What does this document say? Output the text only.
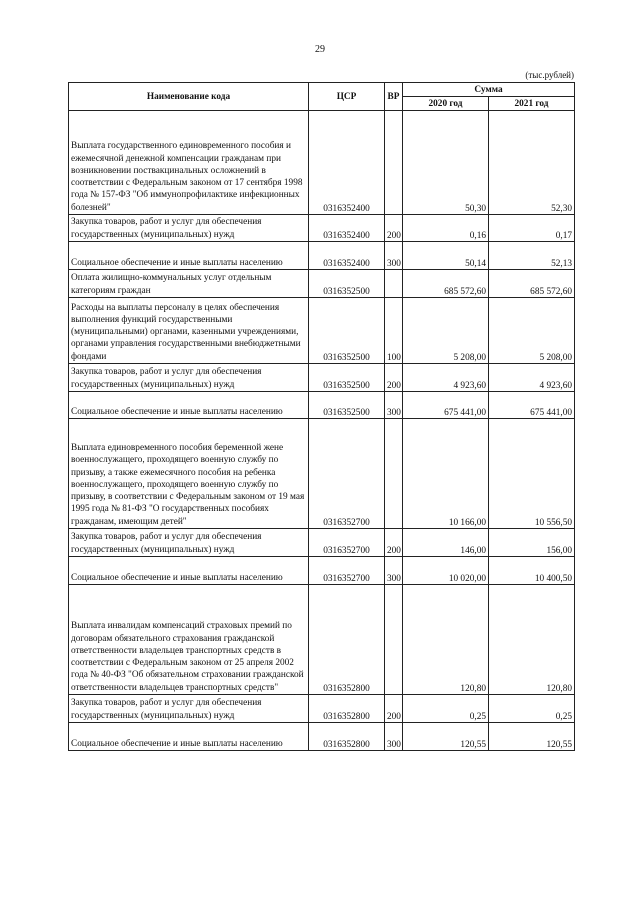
29
(тыс.рублей)
Наименование кода	ЦСР	ВР	Сумма	
			2020 год	2021 год
Выплата государственного единовременного пособия и ежемесячной денежной компенсации гражданам при возникновении поствакцинальных осложнений в соответствии с Федеральным законом от 17 сентября 1998 года № 157-ФЗ "Об иммунопрофилактике инфекционных болезней"	0316352400		50,30	52,30
Закупка товаров, работ и услуг для обеспечения государственных (муниципальных) нужд	0316352400	200	0,16	0,17
Социальное обеспечение и иные выплаты населению	0316352400	300	50,14	52,13
Оплата жилищно-коммунальных услуг отдельным категориям граждан	0316352500		685 572,60	685 572,60
Расходы на выплаты персоналу в целях обеспечения выполнения функций государственными (муниципальными) органами, казенными учреждениями, органами управления государственными внебюджетными фондами	0316352500	100	5 208,00	5 208,00
Закупка товаров, работ и услуг для обеспечения государственных (муниципальных) нужд	0316352500	200	4 923,60	4 923,60
Социальное обеспечение и иные выплаты населению	0316352500	300	675 441,00	675 441,00
Выплата единовременного пособия беременной жене военнослужащего, проходящего военную службу по призыву, а также ежемесячного пособия на ребенка военнослужащего, проходящего военную службу по призыву, в соответствии с Федеральным законом от 19 мая 1995 года № 81-ФЗ "О государственных пособиях гражданам, имеющим детей"	0316352700		10 166,00	10 556,50
Закупка товаров, работ и услуг для обеспечения государственных (муниципальных) нужд	0316352700	200	146,00	156,00
Социальное обеспечение и иные выплаты населению	0316352700	300	10 020,00	10 400,50
Выплата инвалидам компенсаций страховых премий по договорам обязательного страхования гражданской ответственности владельцев транспортных средств в соответствии с Федеральным законом от 25 апреля 2002 года № 40-ФЗ "Об обязательном страховании гражданской ответственности владельцев транспортных средств"	0316352800		120,80	120,80
Закупка товаров, работ и услуг для обеспечения государственных (муниципальных) нужд	0316352800	200	0,25	0,25
Социальное обеспечение и иные выплаты населению	0316352800	300	120,55	120,55
